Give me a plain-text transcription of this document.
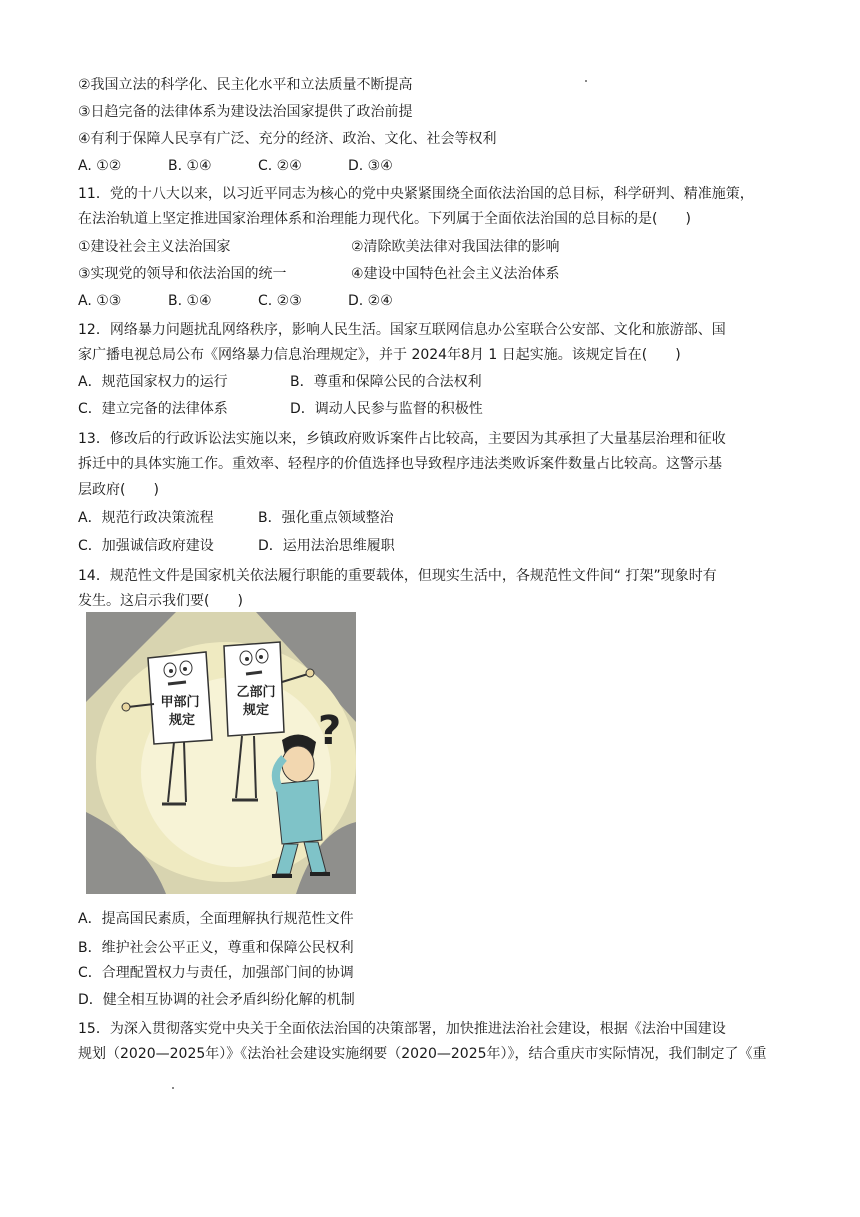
②我国立法的科学化、民主化水平和立法质量不断提高
③日趋完备的法律体系为建设法治国家提供了政治前提
④有利于保障人民享有广泛、充分的经济、政治、文化、社会等权利
A. ①②	B. ①④	C. ②④	D. ③④
11．党的十八大以来，以习近平同志为核心的党中央紧紧围绕全面依法治国的总目标，科学研判、精准施策，
在法治轨道上坚定推进国家治理体系和治理能力现代化。下列属于全面依法治国的总目标的是(　　)
①建设社会主义法治国家	②清除欧美法律对我国法律的影响
③实现党的领导和依法治国的统一	④建设中国特色社会主义法治体系
A. ①③	B. ①④	C. ②③	D. ②④
12．网络暴力问题扰乱网络秩序，影响人民生活。国家互联网信息办公室联合公安部、文化和旅游部、国
家广播电视总局公布《网络暴力信息治理规定》，并于 2024年8月 1 日起实施。该规定旨在(　　)
A．规范国家权力的运行	B．尊重和保障公民的合法权利
C．建立完备的法律体系	D．调动人民参与监督的积极性
13．修改后的行政诉讼法实施以来，乡镇政府败诉案件占比较高，主要因为其承担了大量基层治理和征收
拆迁中的具体实施工作。重效率、轻程序的价值选择也导致程序违法类败诉案件数量占比较高。这警示基
层政府(　　)
A．规范行政决策流程	B．强化重点领域整治
C．加强诚信政府建设	D．运用法治思维履职
14．规范性文件是国家机关依法履行职能的重要载体，但现实生活中，各规范性文件间“ 打架”现象时有
发生。这启示我们要(　　)
甲部门
规定
乙部门
规定 ?
A．提高国民素质，全面理解执行规范性文件
B．维护社会公平正义，尊重和保障公民权利
C．合理配置权力与责任，加强部门间的协调
D．健全相互协调的社会矛盾纠纷化解的机制
15．为深入贯彻落实党中央关于全面依法治国的决策部署，加快推进法治社会建设，根据《法治中国建设
规划（2020—2025年）》《法治社会建设实施纲要（2020—2025年）》，结合重庆市实际情况，我们制定了《重
